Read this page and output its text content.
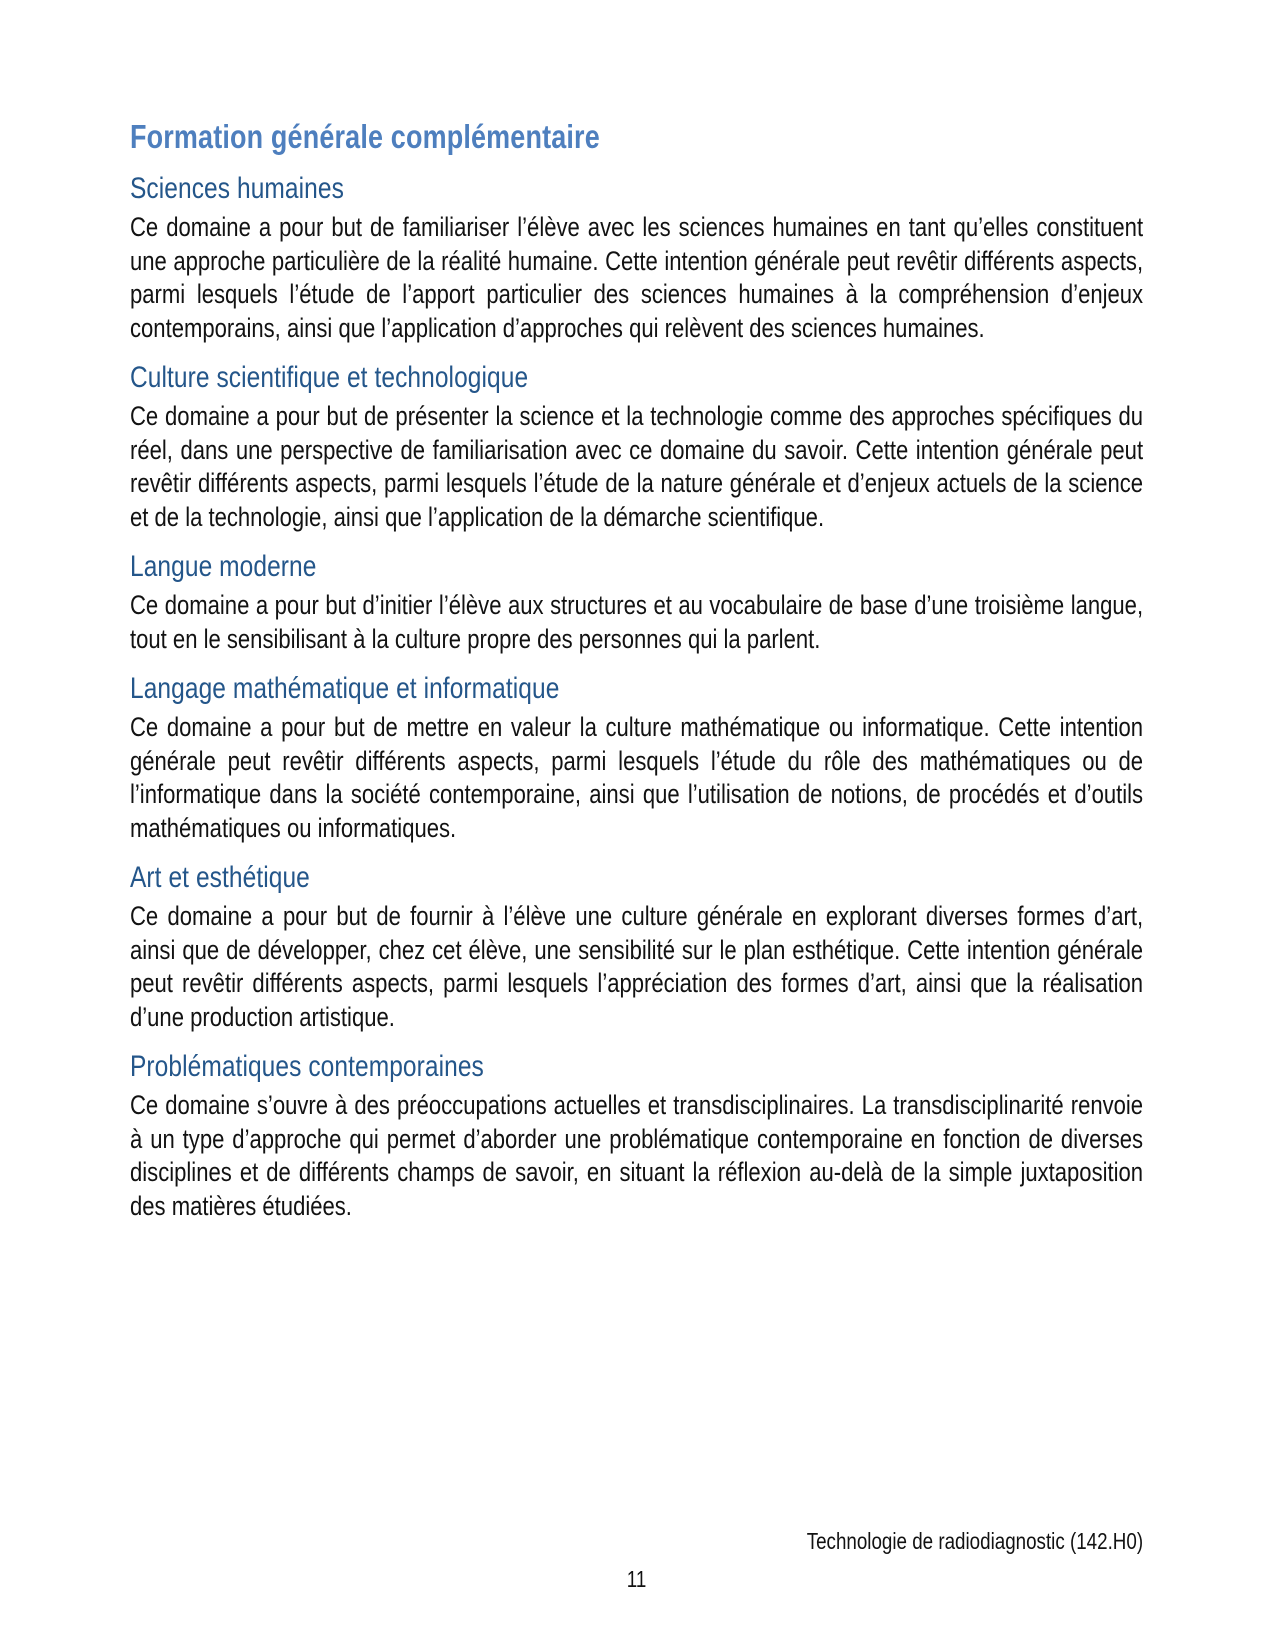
Formation générale complémentaire
Sciences humaines

Ce domaine a pour but de familiariser l’élève avec les sciences humaines en tant qu’elles constituent une approche particulière de la réalité humaine. Cette intention générale peut revêtir différents aspects, parmi lesquels l’étude de l’apport particulier des sciences humaines à la compréhension d’enjeux contemporains, ainsi que l’application d’approches qui relèvent des sciences humaines.

Culture scientifique et technologique

Ce domaine a pour but de présenter la science et la technologie comme des approches spécifiques du réel, dans une perspective de familiarisation avec ce domaine du savoir. Cette intention générale peut revêtir différents aspects, parmi lesquels l’étude de la nature générale et d’enjeux actuels de la science et de la technologie, ainsi que l’application de la démarche scientifique.

Langue moderne

Ce domaine a pour but d’initier l’élève aux structures et au vocabulaire de base d’une troisième langue, tout en le sensibilisant à la culture propre des personnes qui la parlent.

Langage mathématique et informatique

Ce domaine a pour but de mettre en valeur la culture mathématique ou informatique. Cette intention générale peut revêtir différents aspects, parmi lesquels l’étude du rôle des mathématiques ou de l’informatique dans la société contemporaine, ainsi que l’utilisation de notions, de procédés et d’outils mathématiques ou informatiques.

Art et esthétique

Ce domaine a pour but de fournir à l’élève une culture générale en explorant diverses formes d’art, ainsi que de développer, chez cet élève, une sensibilité sur le plan esthétique. Cette intention générale peut revêtir différents aspects, parmi lesquels l’appréciation des formes d’art, ainsi que la réalisation d’une production artistique.

Problématiques contemporaines

Ce domaine s’ouvre à des préoccupations actuelles et transdisciplinaires. La transdisciplinarité renvoie à un type d’approche qui permet d’aborder une problématique contemporaine en fonction de diverses disciplines et de différents champs de savoir, en situant la réflexion au-delà de la simple juxtaposition des matières étudiées.

Technologie de radiodiagnostic (142.H0)
11
